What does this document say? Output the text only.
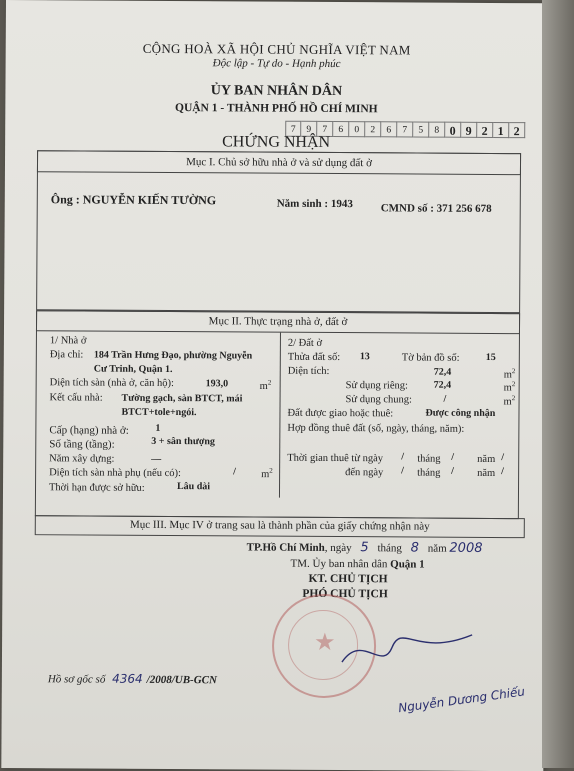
CỘNG HOÀ XÃ HỘI CHỦ NGHĨA VIỆT NAM
Độc lập - Tự do - Hạnh phúc
ỦY BAN NHÂN DÂN
QUẬN 1 - THÀNH PHỐ HỒ CHÍ MINH
7	9	7	6	0	2	6	7	5	8 0 9 2 1 2
CHỨNG NHẬN
Mục I. Chủ sở hữu nhà ở và sử dụng đất ở
Ông : NGUYỄN KIẾN TƯỜNG	Năm sinh : 1943	CMND số : 371 256 678
Mục II. Thực trạng nhà ở, đất ở
1/ Nhà ở
Địa chỉ: 184 Trần Hưng Đạo, phường Nguyễn
Cư Trinh, Quận 1.
Diện tích sàn (nhà ở, căn hộ):	193,0	$m^2$
Kết cấu nhà: Tường gạch, sàn BTCT, mái
BTCT+tole+ngói.
Cấp (hạng) nhà ở:	1
Số tầng (tầng):	3 + sân thượng
Năm xây dựng:	—
Diện tích sàn nhà phụ (nếu có):	/ $m^2$
Thời hạn được sở hữu:	Lâu dài
2/ Đất ở
Thửa đất số: 13	Tờ bản đồ số:	15
Diện tích:	72,4	$m^2$
Sử dụng riêng:	72,4	$m^2$
Sử dụng chung:	/	$m^2$
Đất được giao hoặc thuê:	Được công nhận
Hợp đồng thuê đất (số, ngày, tháng, năm):
Thời gian thuê từ ngày / tháng / năm /
đến ngày / tháng / năm /
Mục III. Mục IV ở trang sau là thành phần của giấy chứng nhận này
TP.Hồ Chí Minh, ngày 5 tháng 8 năm 2008
TM. Ủy ban nhân dân Quận 1
KT. CHỦ TỊCH
PHÓ CHỦ TỊCH
★
Nguyễn Dương Chiếu
Hồ sơ gốc số 4364 /2008/UB-GCN
